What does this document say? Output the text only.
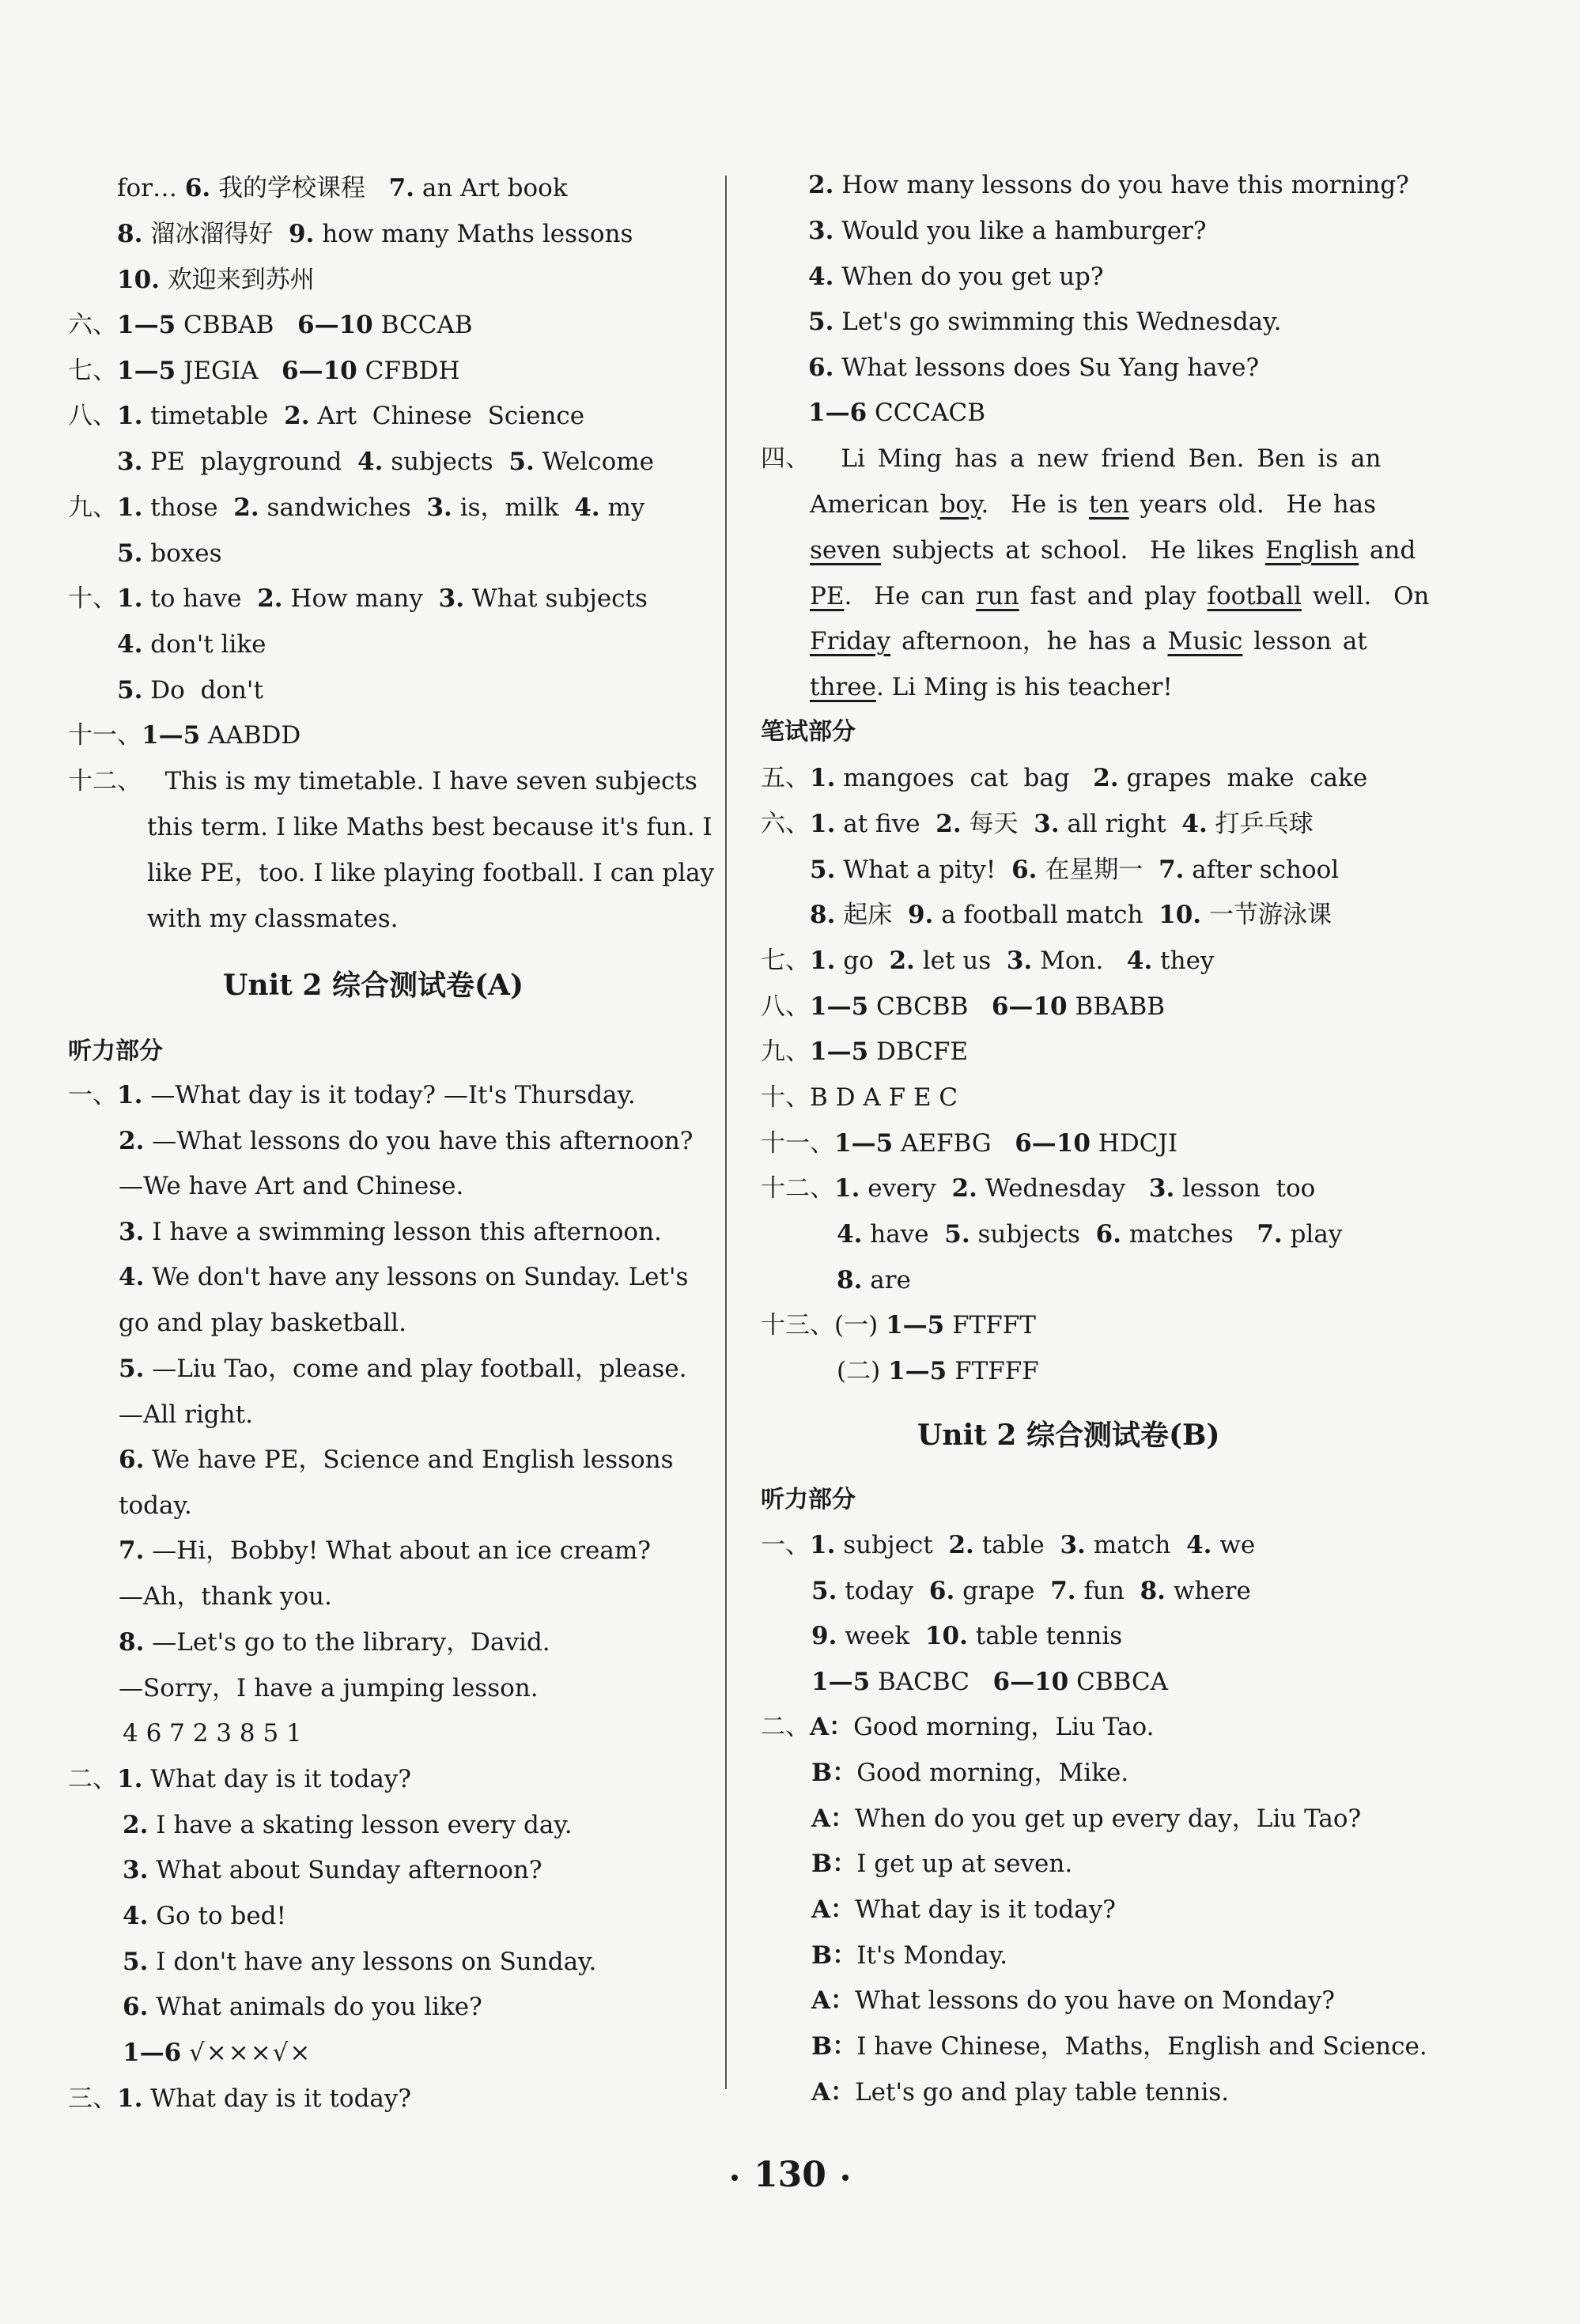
for… 6. 我的学校课程 7. an Art book
8. 溜冰溜得好 9. how many Maths lessons
10. 欢迎来到苏州
六、1—5 CBBAB 6—10 BCCAB
七、1—5 JEGIA 6—10 CFBDH
八、1. timetable 2. Art  Chinese  Science
3. PE  playground 4. subjects 5. Welcome
九、1. those 2. sandwiches 3. is，milk 4. my
5. boxes
十、1. to have 2. How many 3. What subjects
4. don't like
5. Do  don't
十一、1—5 AABDD
十二、 This is my timetable. I have seven subjects
this term. I like Maths best because it's fun. I
like PE，too. I like playing football. I can play
with my classmates.
Unit 2 综合测试卷(A)
听力部分
一、1. —What day is it today? —It's Thursday.
2. —What lessons do you have this afternoon?
—We have Art and Chinese.
3. I have a swimming lesson this afternoon.
4. We don't have any lessons on Sunday. Let's
go and play basketball.
5. —Liu Tao，come and play football，please.
—All right.
6. We have PE，Science and English lessons
today.
7. —Hi，Bobby! What about an ice cream?
—Ah，thank you.
8. —Let's go to the library，David.
—Sorry，I have a jumping lesson.
4 6 7 2 3 8 5 1
二、1. What day is it today?
2. I have a skating lesson every day.
3. What about Sunday afternoon?
4. Go to bed!
5. I don't have any lessons on Sunday.
6. What animals do you like?
1—6 √×××√×
三、1. What day is it today?
2. How many lessons do you have this morning?
3. Would you like a hamburger?
4. When do you get up?
5. Let's go swimming this Wednesday.
6. What lessons does Su Yang have?
1—6 CCCACB
四、 Li Ming has a new friend Ben. Ben is an
American boy.  He is ten years old.  He has
seven subjects at school.  He likes English and
PE.  He can run fast and play football well.  On
Friday afternoon，he has a Music lesson at
three. Li Ming is his teacher!
笔试部分
五、1. mangoes  cat  bag 2. grapes  make  cake
六、1. at five 2. 每天 3. all right 4. 打乒乓球
5. What a pity! 6. 在星期一 7. after school
8. 起床 9. a football match 10. 一节游泳课
七、1. go 2. let us 3. Mon. 4. they
八、1—5 CBCBB 6—10 BBABB
九、1—5 DBCFE
十、B D A F E C
十一、1—5 AEFBG 6—10 HDCJI
十二、1. every 2. Wednesday 3. lesson  too
4. have 5. subjects 6. matches 7. play
8. are
十三、(一) 1—5 FTFFT
(二) 1—5 FTFFF
Unit 2 综合测试卷(B)
听力部分
一、1. subject 2. table 3. match 4. we
5. today 6. grape 7. fun 8. where
9. week 10. table tennis
1—5 BACBC 6—10 CBBCA
二、A：Good morning，Liu Tao.
B：Good morning，Mike.
A：When do you get up every day，Liu Tao?
B：I get up at seven.
A：What day is it today?
B：It's Monday.
A：What lessons do you have on Monday?
B：I have Chinese，Maths，English and Science.
A：Let's go and play table tennis.
130
